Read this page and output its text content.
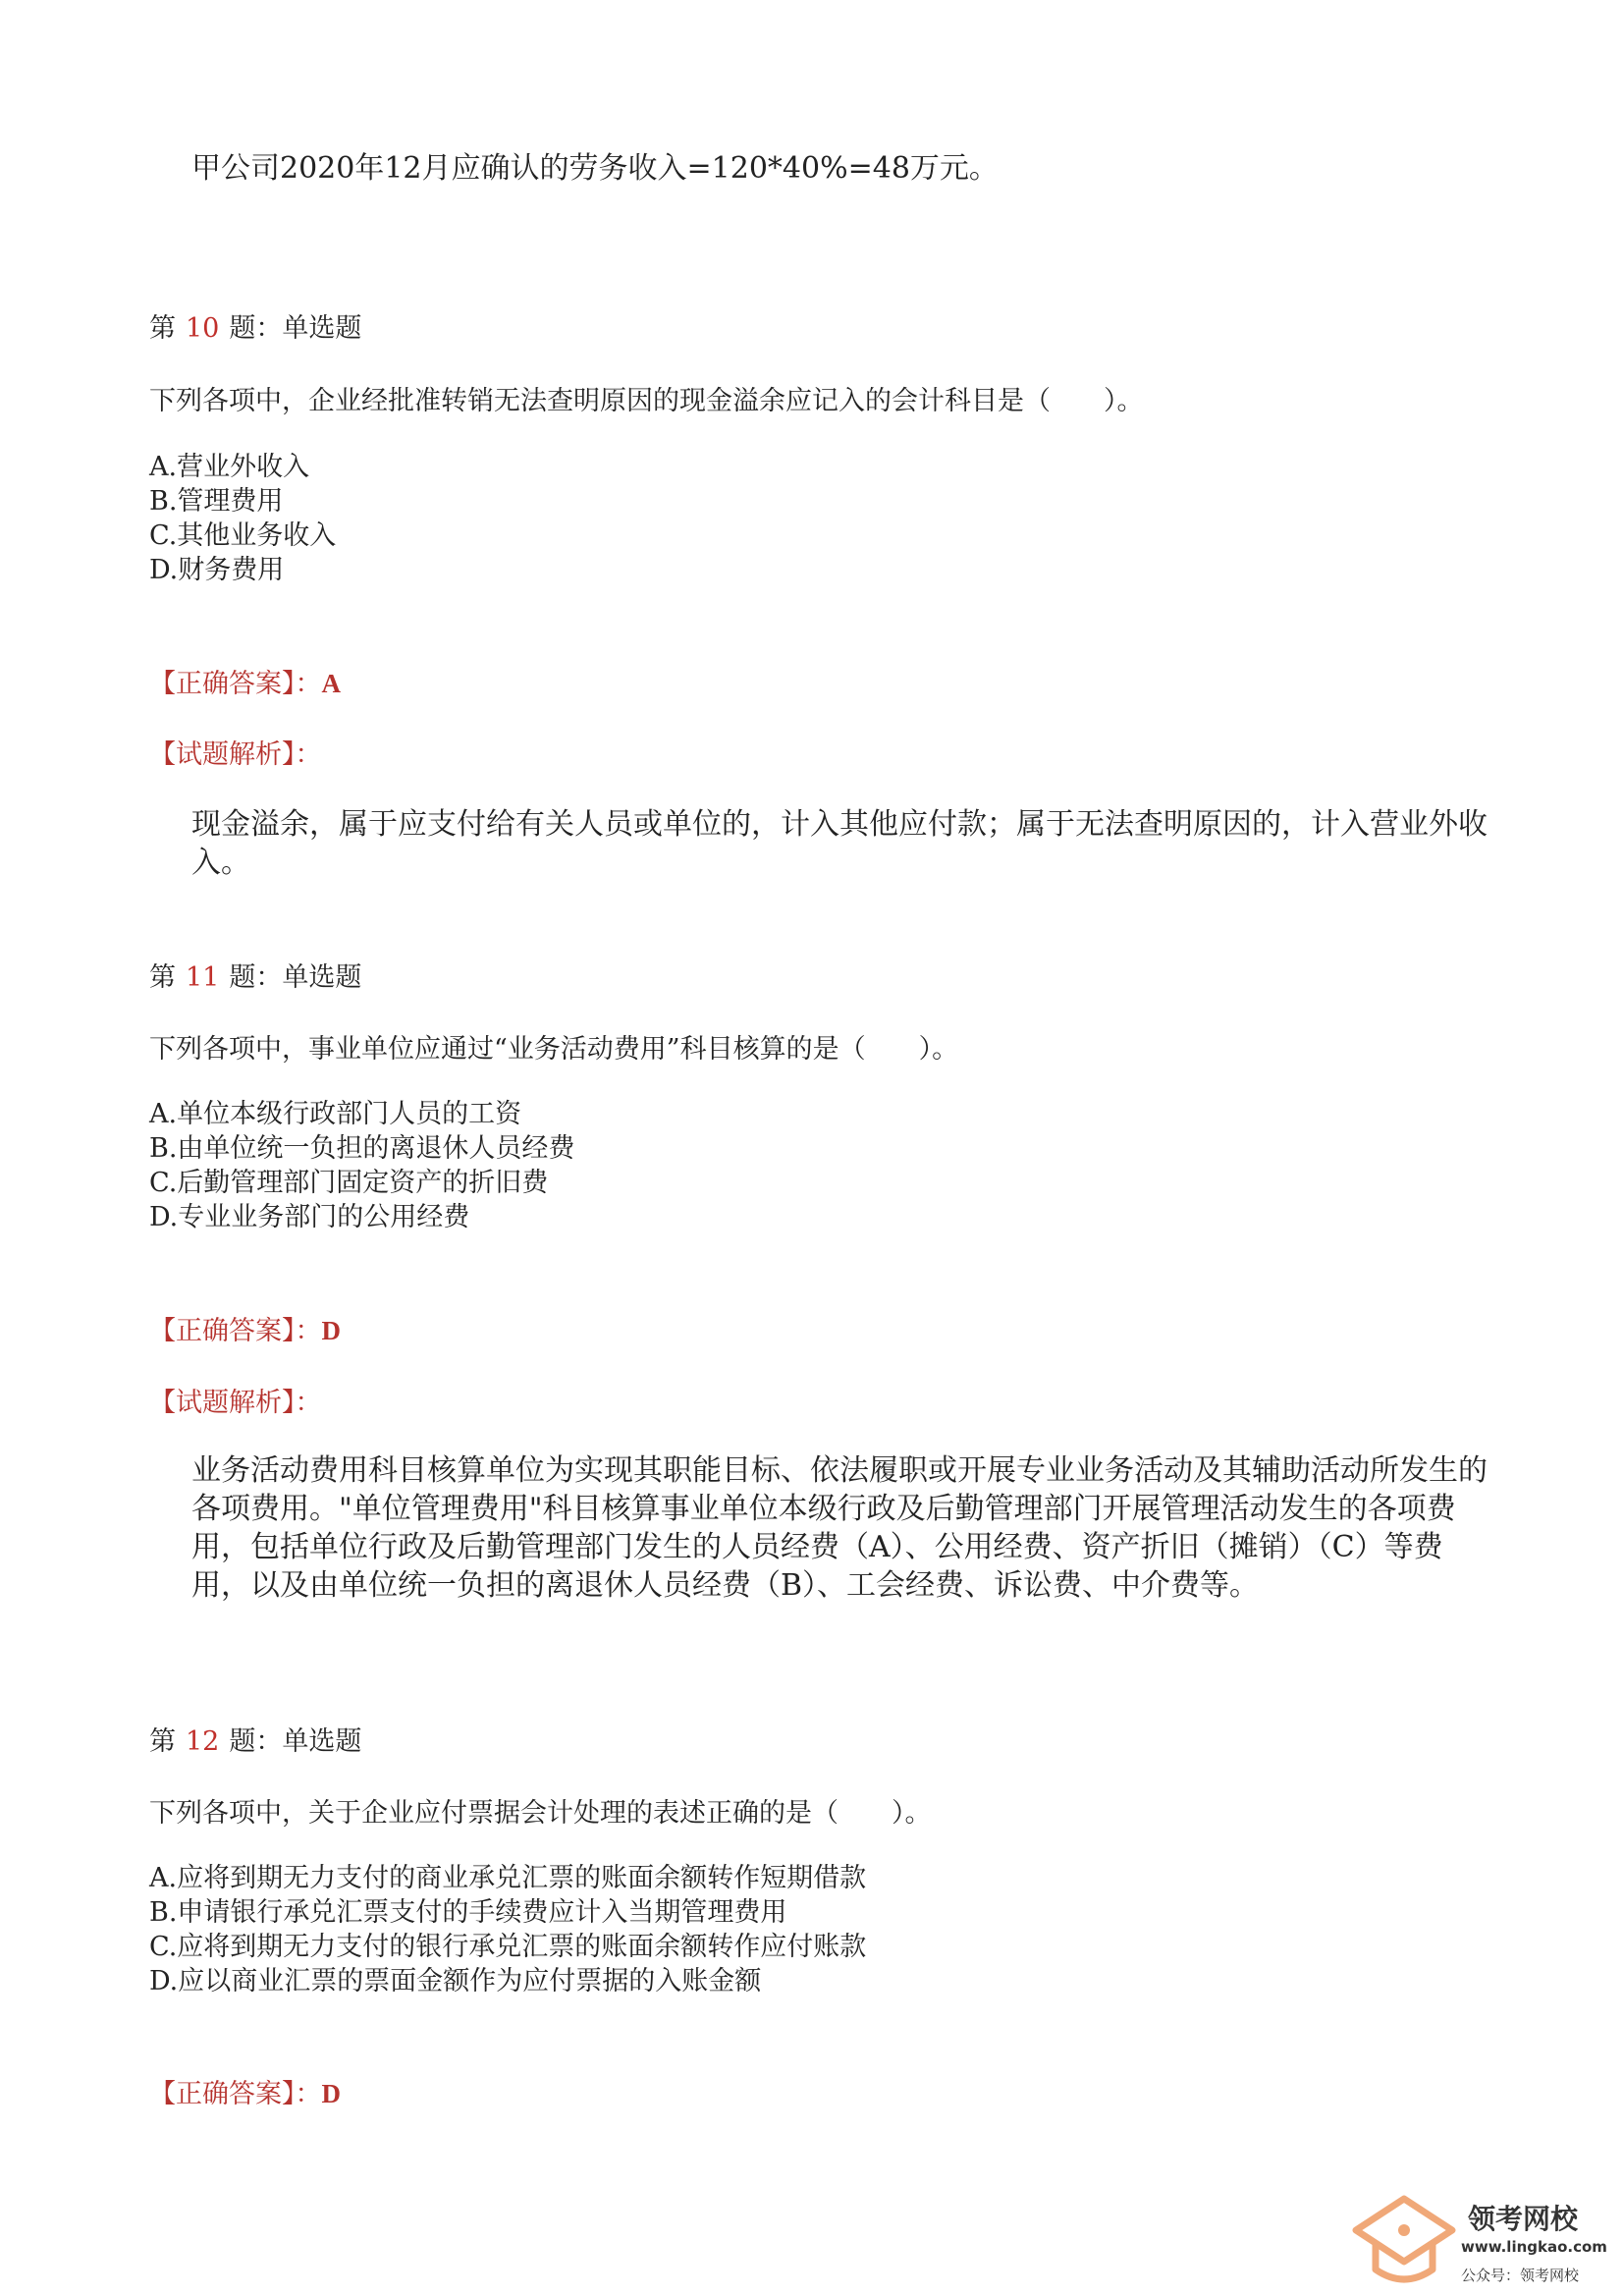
甲公司2020年12月应确认的劳务收入=120*40%=48万元。
第 10 题：单选题
下列各项中，企业经批准转销无法查明原因的现金溢余应记入的会计科目是（　　）。
A.营业外收入
B.管理费用
C.其他业务收入
D.财务费用
【正确答案】：A
【试题解析】：
现金溢余，属于应支付给有关人员或单位的，计入其他应付款；属于无法查明原因的，计入营业外收入。
第 11 题：单选题
下列各项中，事业单位应通过“业务活动费用”科目核算的是（　　）。
A.单位本级行政部门人员的工资
B.由单位统一负担的离退休人员经费
C.后勤管理部门固定资产的折旧费
D.专业业务部门的公用经费
【正确答案】：D
【试题解析】：
业务活动费用科目核算单位为实现其职能目标、依法履职或开展专业业务活动及其辅助活动所发生的各项费用。"单位管理费用"科目核算事业单位本级行政及后勤管理部门开展管理活动发生的各项费用，包括单位行政及后勤管理部门发生的人员经费（A）、公用经费、资产折旧（摊销）（C）等费用，以及由单位统一负担的离退休人员经费（B）、工会经费、诉讼费、中介费等。
第 12 题：单选题
下列各项中，关于企业应付票据会计处理的表述正确的是（　　）。
A.应将到期无力支付的商业承兑汇票的账面余额转作短期借款
B.申请银行承兑汇票支付的手续费应计入当期管理费用
C.应将到期无力支付的银行承兑汇票的账面余额转作应付账款
D.应以商业汇票的票面金额作为应付票据的入账金额
【正确答案】：D
领考网校
www.lingkao.com
公众号：领考网校
